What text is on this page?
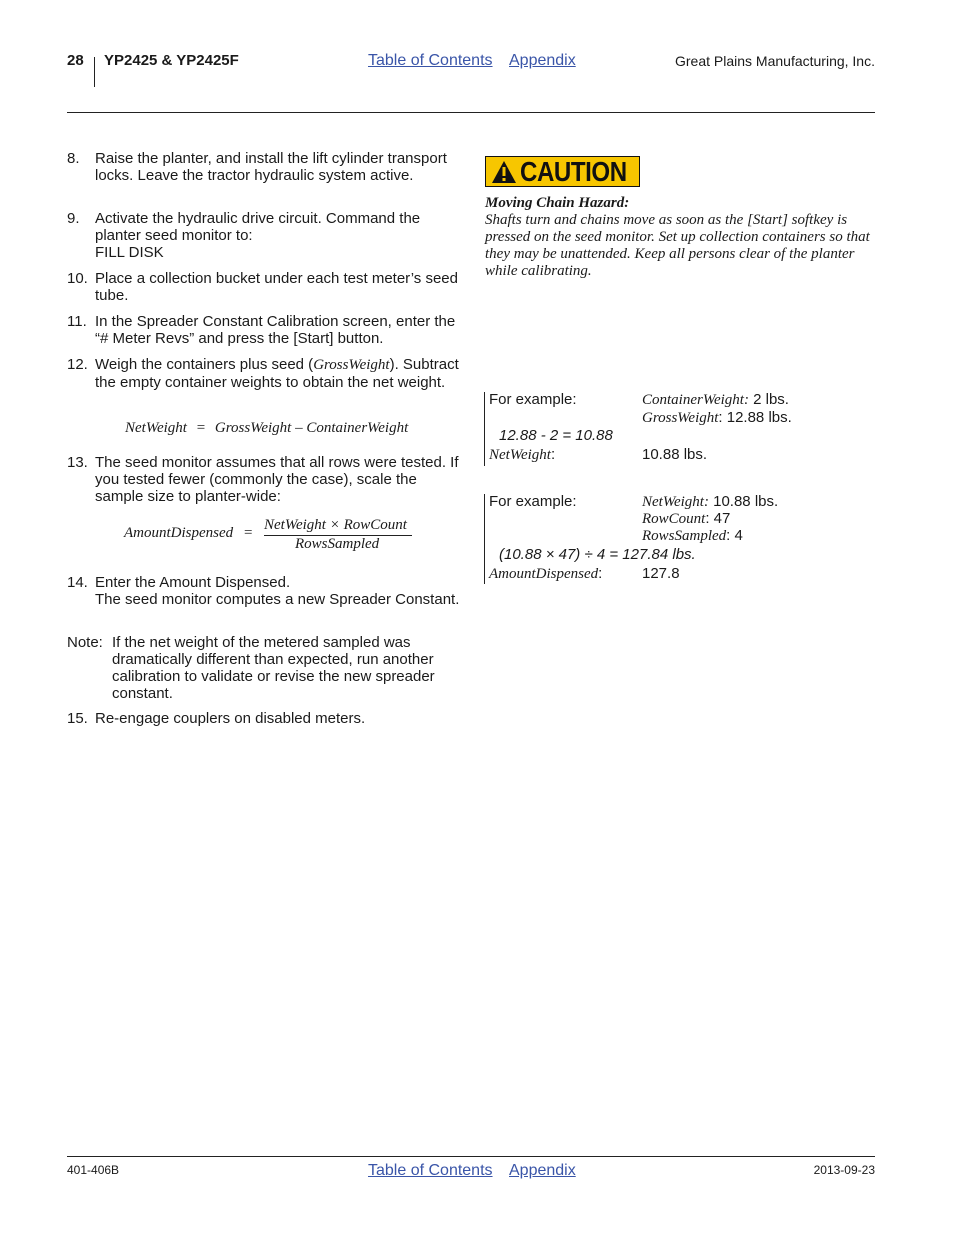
28 YP2425 & YP2425F	Table of Contents Appendix	Great Plains Manufacturing, Inc.
8. Raise the planter, and install the lift cylinder transport locks. Leave the tractor hydraulic system active.
9. Activate the hydraulic drive circuit. Command the planter seed monitor to:
FILL DISK
10. Place a collection bucket under each test meter’s seed tube.
11. In the Spreader Constant Calibration screen, enter the “# Meter Revs” and press the [Start] button.
12. Weigh the containers plus seed (GrossWeight). Subtract the empty container weights to obtain the net weight.
NetWeight = GrossWeight – ContainerWeight
13. The seed monitor assumes that all rows were tested. If you tested fewer (commonly the case), scale the sample size to planter-wide:
AmountDispensed = NetWeight × RowCount
RowsSampled
14. Enter the Amount Dispensed.
The seed monitor computes a new Spreader Constant.
Note: If the net weight of the metered sampled was dramatically different than expected, run another calibration to validate or revise the new spreader constant.
15. Re-engage couplers on disabled meters.
CAUTION
Moving Chain Hazard:
Shafts turn and chains move as soon as the [Start] softkey is pressed on the seed monitor. Set up collection containers so that they may be unattended. Keep all persons clear of the planter while calibrating.
For example:	ContainerWeight: 2 lbs.
GrossWeight: 12.88 lbs.
12.88 - 2 = 10.88
NetWeight:	10.88 lbs.
For example:	NetWeight: 10.88 lbs.
RowCount: 47
RowsSampled: 4
(10.88 × 47) ÷ 4 = 127.84 lbs.
AmountDispensed:	127.8
401-406B	Table of Contents Appendix	2013-09-23
